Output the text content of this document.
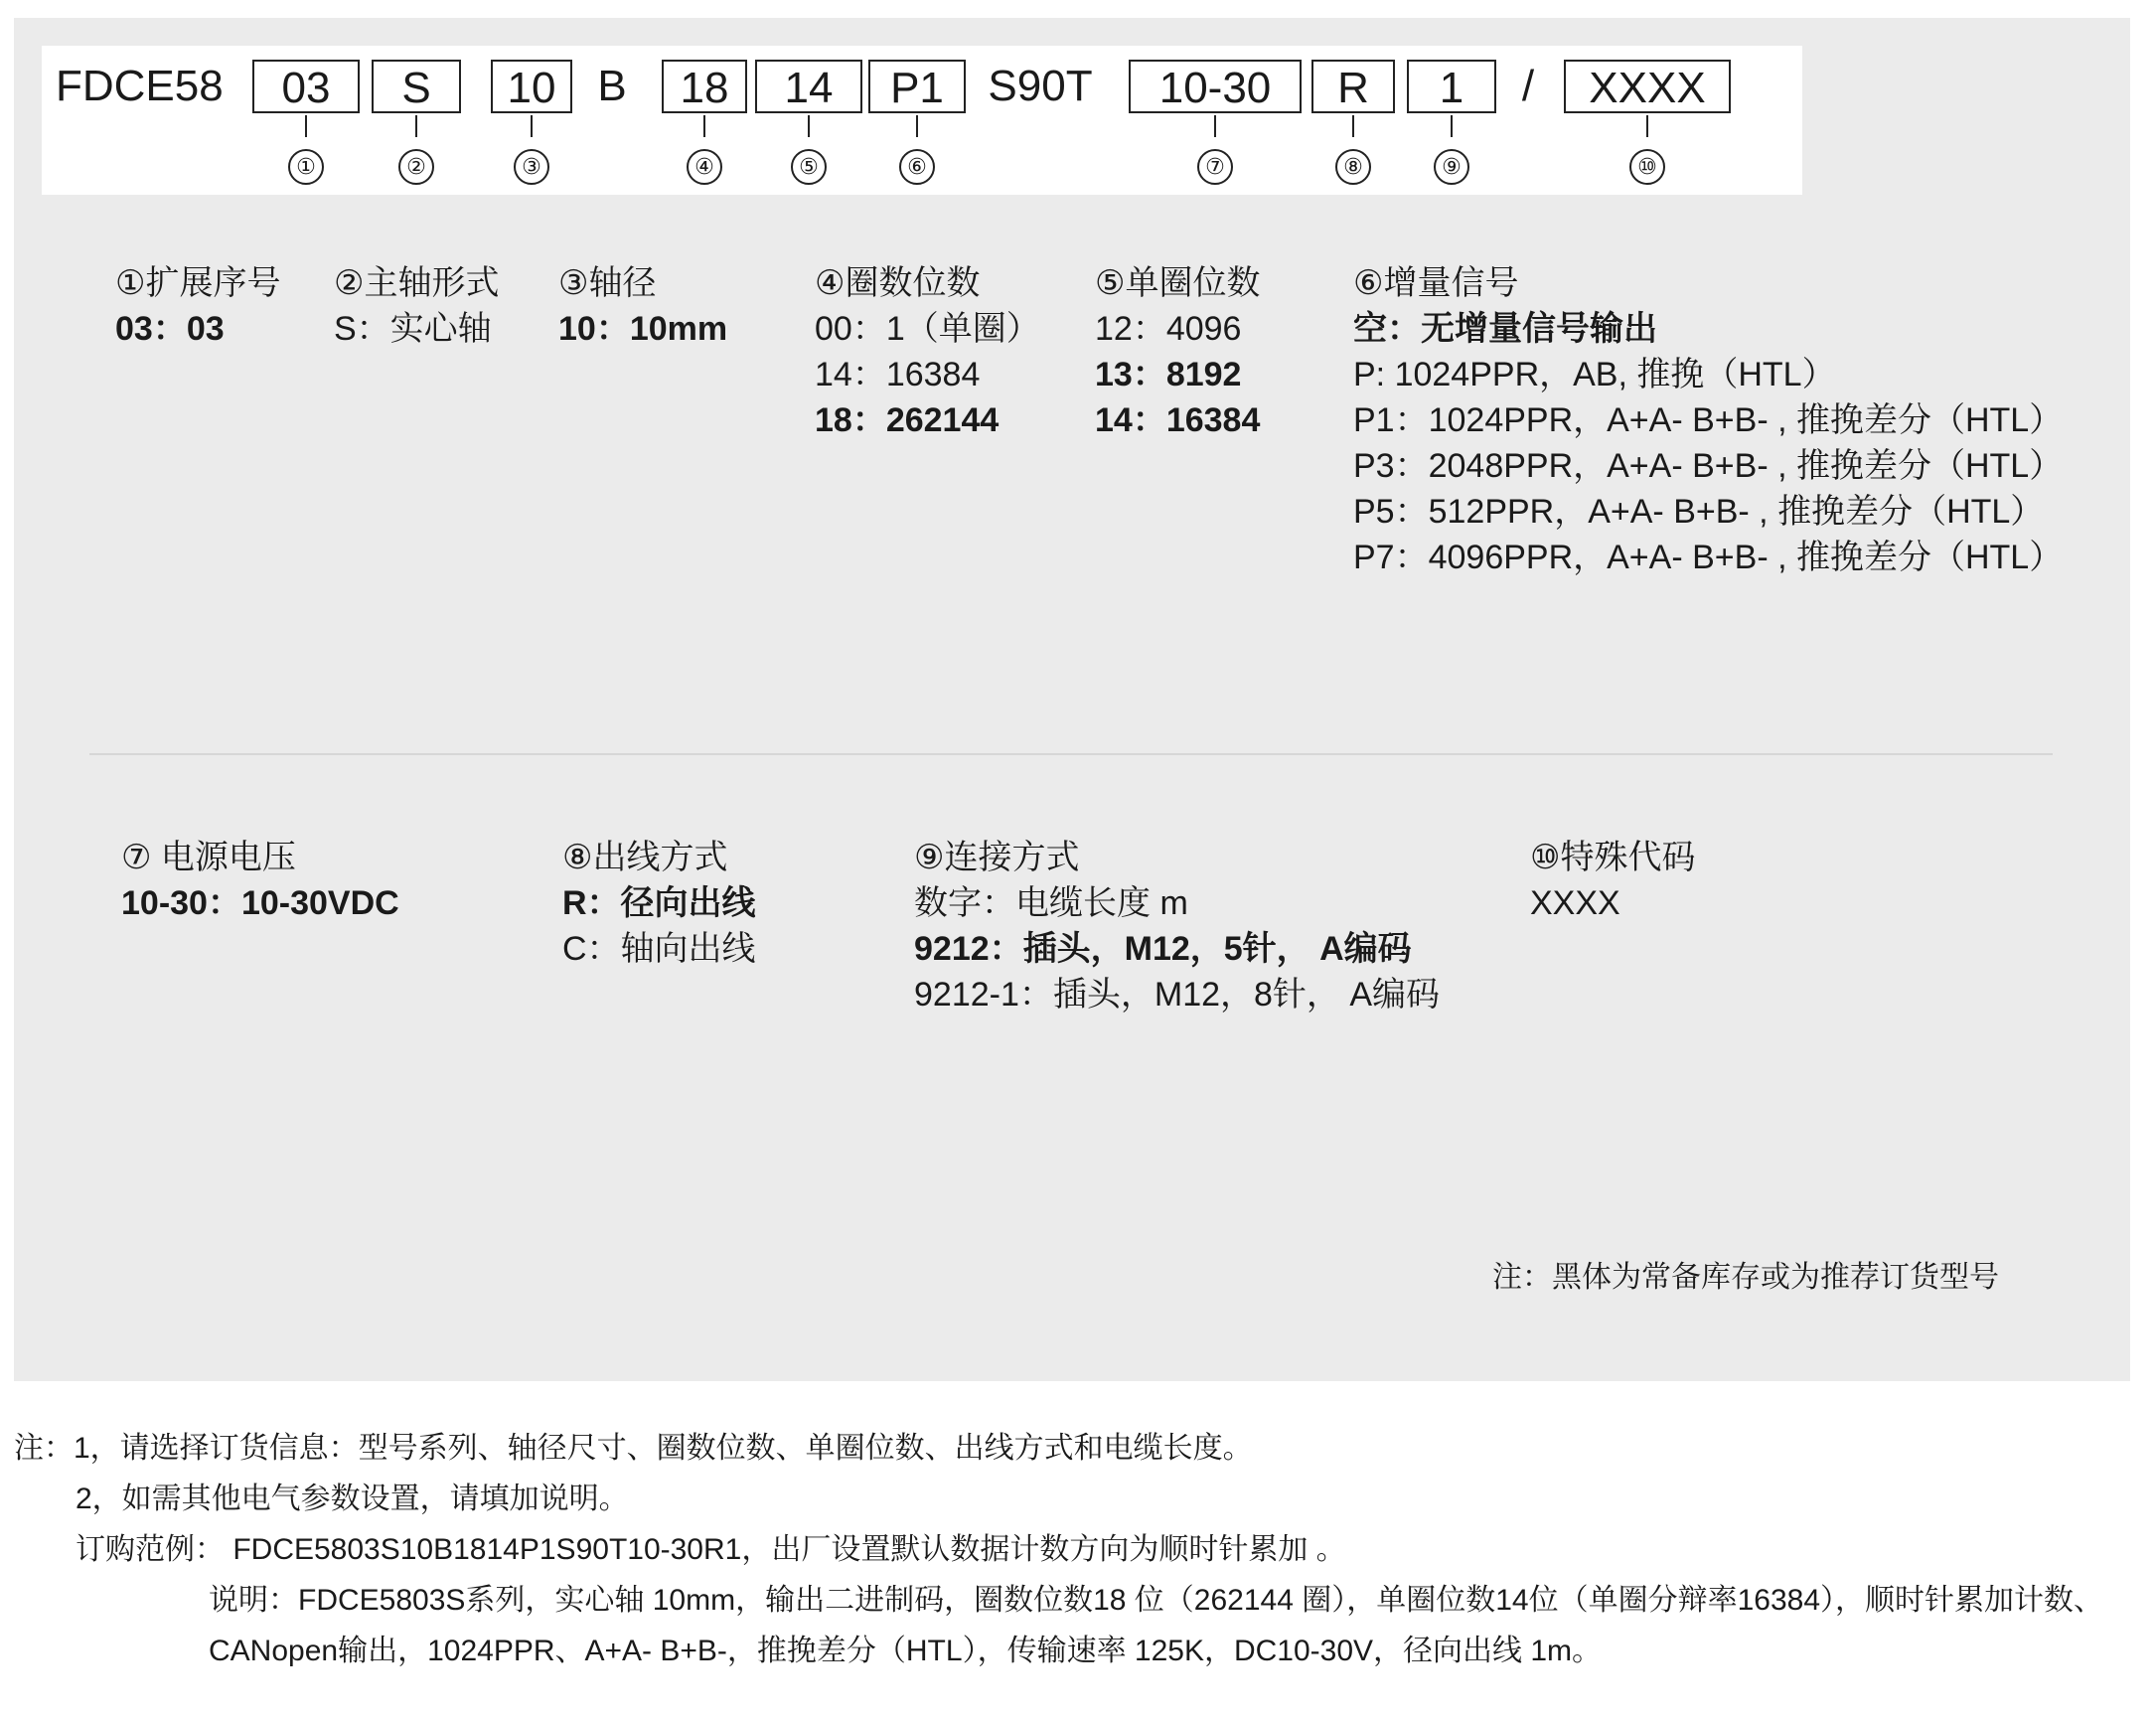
FDCE58	03
①
S
②
10
③
B	18
④
14
⑤
P1
⑥
S90T	10-30
⑦
R
⑧
1
⑨
/	XXXX
⑩
①扩展序号
03：03
②主轴形式
S：实心轴
③轴径
10：10mm
④圈数位数
00：1（单圈）
14：16384
18：262144
⑤单圈位数
12：4096
13：8192
14：16384
⑥增量信号
空：无增量信号输出
P: 1024PPR，AB, 推挽（HTL）
P1：1024PPR，A+A- B+B- , 推挽差分（HTL）
P3：2048PPR，A+A- B+B- , 推挽差分（HTL）
P5：512PPR，A+A- B+B- , 推挽差分（HTL）
P7：4096PPR，A+A- B+B- , 推挽差分（HTL）
⑦ 电源电压
10-30：10-30VDC
⑧出线方式
R：径向出线
C：轴向出线
⑨连接方式
数字：电缆长度 m
9212：插头，M12，5针， A编码
9212-1：插头，M12，8针， A编码
⑩特殊代码
XXXX
注：黑体为常备库存或为推荐订货型号
注：1，请选择订货信息：型号系列、轴径尺寸、圈数位数、单圈位数、出线方式和电缆长度。
2，如需其他电气参数设置，请填加说明。
订购范例： FDCE5803S10B1814P1S90T10-30R1，出厂设置默认数据计数方向为顺时针累加 。
说明：FDCE5803S系列，实心轴 10mm，输出二进制码，圈数位数18 位（262144 圈），单圈位数14位（单圈分辩率16384），顺时针累加计数、
CANopen输出，1024PPR、A+A- B+B-，推挽差分（HTL），传输速率 125K，DC10-30V，径向出线 1m。
